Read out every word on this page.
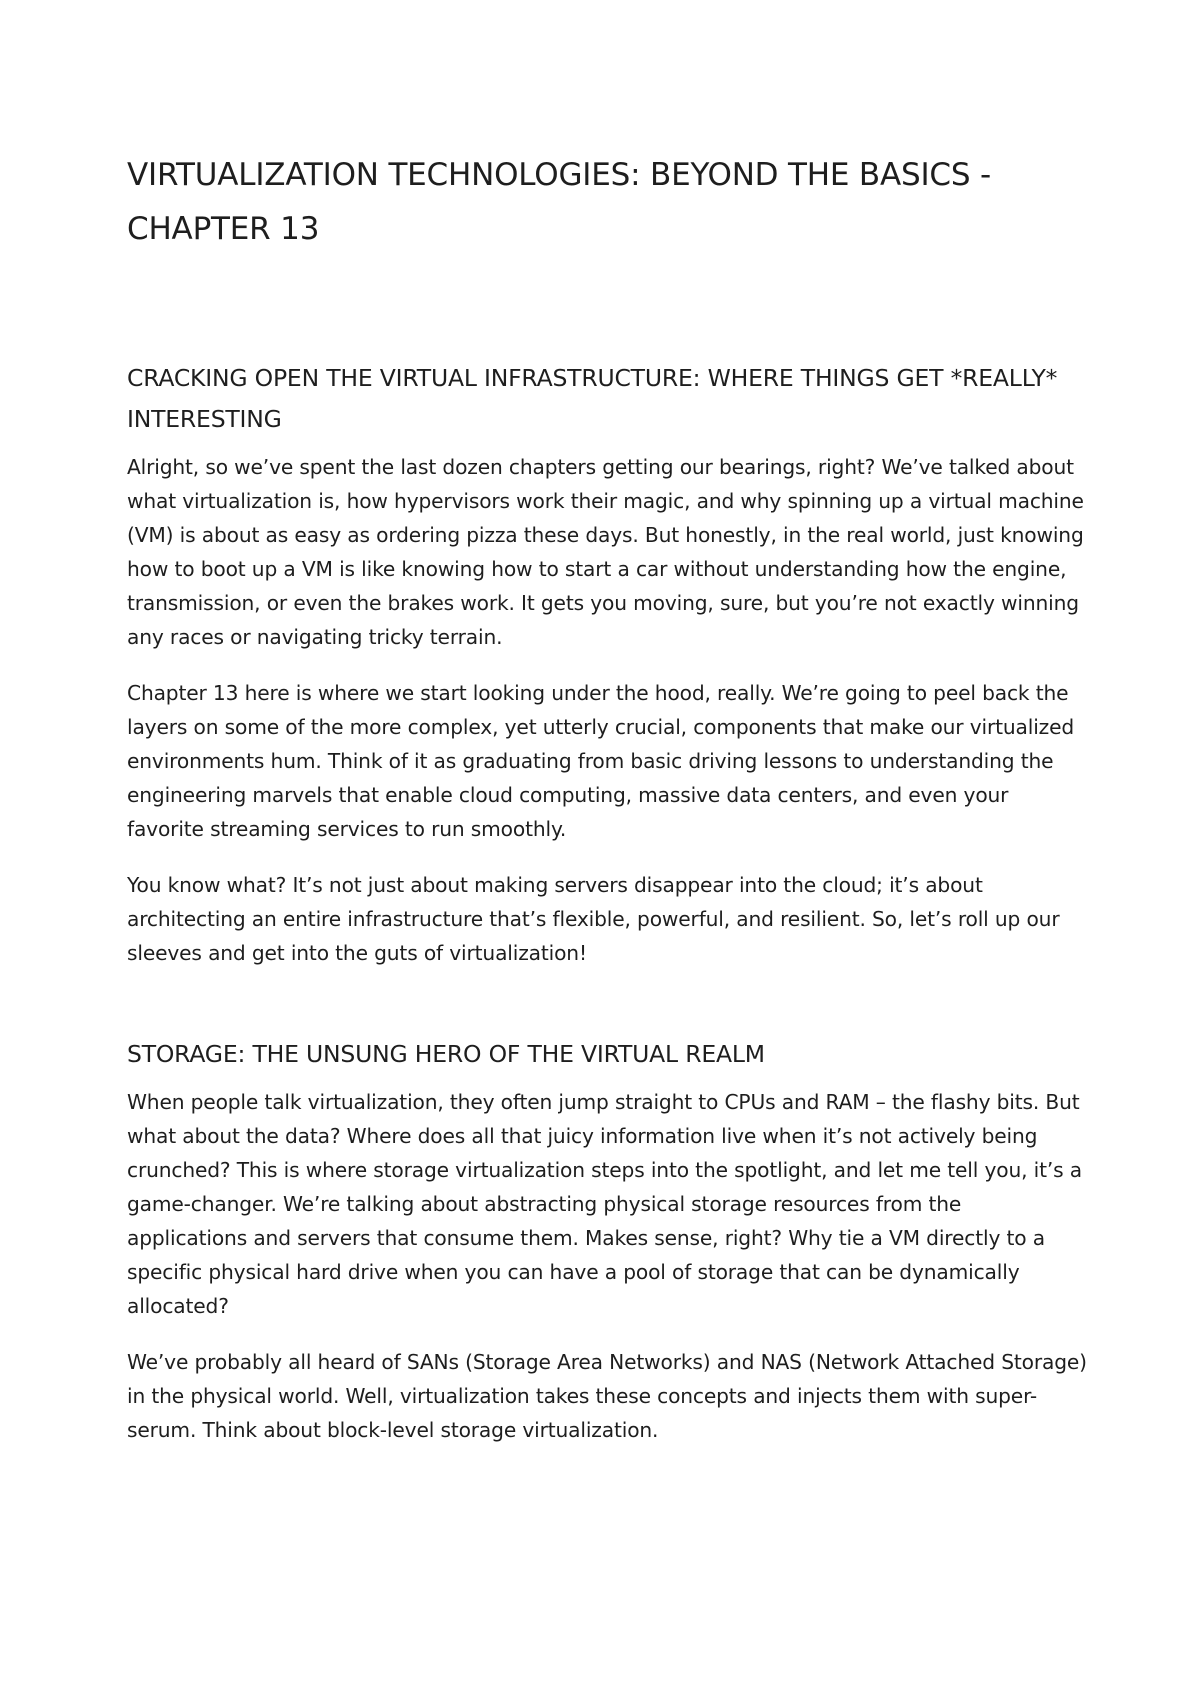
VIRTUALIZATION TECHNOLOGIES: BEYOND THE BASICS - CHAPTER 13
CRACKING OPEN THE VIRTUAL INFRASTRUCTURE: WHERE THINGS GET *REALLY* INTERESTING

Alright, so we’ve spent the last dozen chapters getting our bearings, right? We’ve talked about what virtualization is, how hypervisors work their magic, and why spinning up a virtual machine (VM) is about as easy as ordering pizza these days. But honestly, in the real world, just knowing how to boot up a VM is like knowing how to start a car without understanding how the engine, transmission, or even the brakes work. It gets you moving, sure, but you’re not exactly winning any races or navigating tricky terrain.

Chapter 13 here is where we start looking under the hood, really. We’re going to peel back the layers on some of the more complex, yet utterly crucial, components that make our virtualized environments hum. Think of it as graduating from basic driving lessons to understanding the engineering marvels that enable cloud computing, massive data centers, and even your favorite streaming services to run smoothly.

You know what? It’s not just about making servers disappear into the cloud; it’s about architecting an entire infrastructure that’s flexible, powerful, and resilient. So, let’s roll up our sleeves and get into the guts of virtualization!

STORAGE: THE UNSUNG HERO OF THE VIRTUAL REALM

When people talk virtualization, they often jump straight to CPUs and RAM – the flashy bits. But what about the data? Where does all that juicy information live when it’s not actively being crunched? This is where storage virtualization steps into the spotlight, and let me tell you, it’s a game-changer. We’re talking about abstracting physical storage resources from the applications and servers that consume them. Makes sense, right? Why tie a VM directly to a specific physical hard drive when you can have a pool of storage that can be dynamically allocated?

We’ve probably all heard of SANs (Storage Area Networks) and NAS (Network Attached Storage) in the physical world. Well, virtualization takes these concepts and injects them with super-serum. Think about block-level storage virtualization.
